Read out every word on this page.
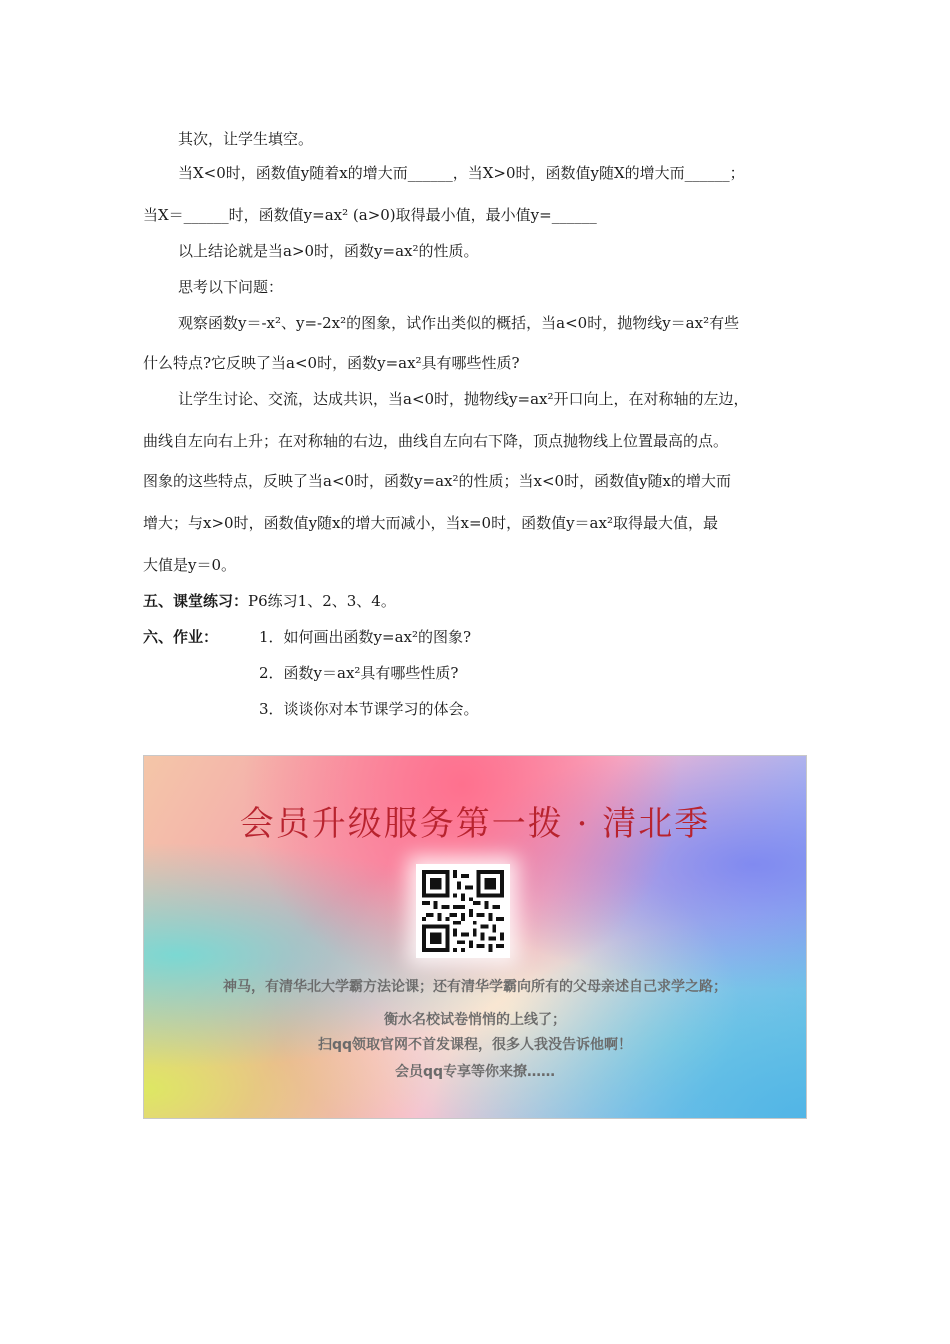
其次，让学生填空。
当X<0时，函数值y随着x的增大而______，当X>0时，函数值y随X的增大而______；
当X＝______时，函数值y=ax² (a>0)取得最小值，最小值y=______
以上结论就是当a>0时，函数y=ax²的性质。
思考以下问题：
观察函数y＝-x²、y=-2x²的图象，试作出类似的概括，当a<0时，抛物线y＝ax²有些
什么特点?它反映了当a<0时，函数y=ax²具有哪些性质?
让学生讨论、交流，达成共识，当a<0时，抛物线y=ax²开口向上，在对称轴的左边，
曲线自左向右上升；在对称轴的右边，曲线自左向右下降，顶点抛物线上位置最高的点。
图象的这些特点，反映了当a<0时，函数y=ax²的性质；当x<0时，函数值y随x的增大而
增大；与x>0时，函数值y随x的增大而减小，当x=0时，函数值y＝ax²取得最大值，最
大值是y＝0。
五、课堂练习：P6练习1、2、3、4。
六、作业：	1．如何画出函数y=ax²的图象?
2．函数y＝ax²具有哪些性质?
3．谈谈你对本节课学习的体会。
会员升级服务第一拨 · 清北季
神马，有清华北大学霸方法论课；还有清华学霸向所有的父母亲述自己求学之路；
衡水名校试卷悄悄的上线了；
扫qq领取官网不首发课程，很多人我没告诉他啊！
会员qq专享等你来撩……
